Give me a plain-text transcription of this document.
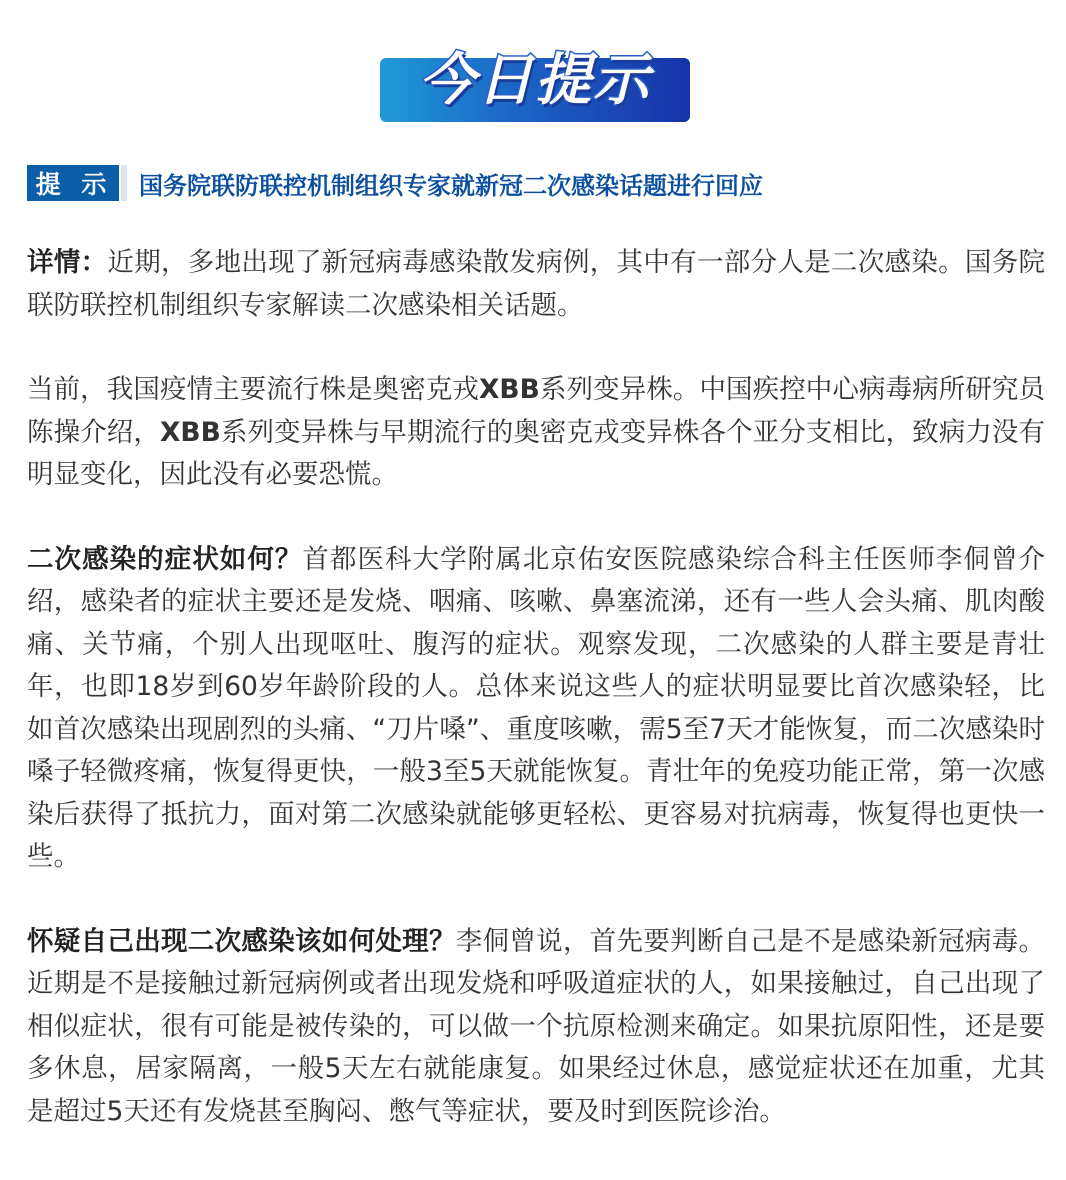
今日提示
提 示 国务院联防联控机制组织专家就新冠二次感染话题进行回应

详情：近期，多地出现了新冠病毒感染散发病例，其中有一部分人是二次感染。国务院联防联控机制组织专家解读二次感染相关话题。

当前，我国疫情主要流行株是奥密克戎XBB系列变异株。中国疾控中心病毒病所研究员陈操介绍，XBB系列变异株与早期流行的奥密克戎变异株各个亚分支相比，致病力没有明显变化，因此没有必要恐慌。

二次感染的症状如何？首都医科大学附属北京佑安医院感染综合科主任医师李侗曾介绍，感染者的症状主要还是发烧、咽痛、咳嗽、鼻塞流涕，还有一些人会头痛、肌肉酸痛、关节痛，个别人出现呕吐、腹泻的症状。观察发现，二次感染的人群主要是青壮年，也即18岁到60岁年龄阶段的人。总体来说这些人的症状明显要比首次感染轻，比如首次感染出现剧烈的头痛、“刀片嗓”、重度咳嗽，需5至7天才能恢复，而二次感染时嗓子轻微疼痛，恢复得更快，一般3至5天就能恢复。青壮年的免疫功能正常，第一次感染后获得了抵抗力，面对第二次感染就能够更轻松、更容易对抗病毒，恢复得也更快一些。

怀疑自己出现二次感染该如何处理？李侗曾说，首先要判断自己是不是感染新冠病毒。近期是不是接触过新冠病例或者出现发烧和呼吸道症状的人，如果接触过，自己出现了相似症状，很有可能是被传染的，可以做一个抗原检测来确定。如果抗原阳性，还是要多休息，居家隔离，一般5天左右就能康复。如果经过休息，感觉症状还在加重，尤其是超过5天还有发烧甚至胸闷、憋气等症状，要及时到医院诊治。
